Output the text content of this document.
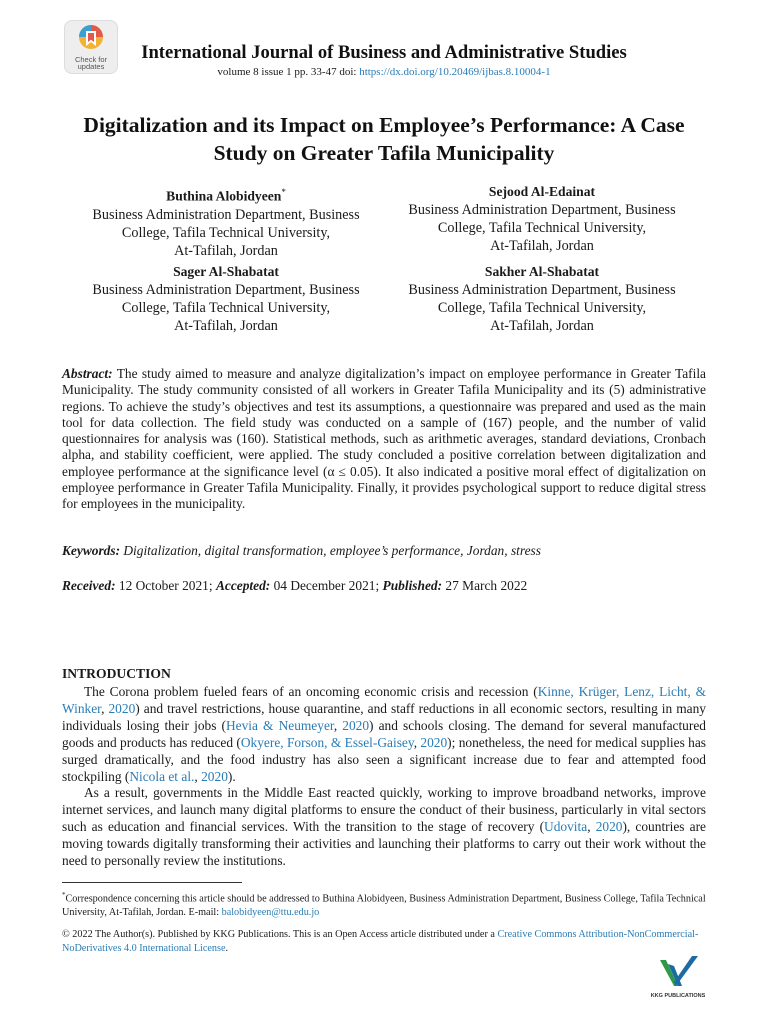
Check for
updates
International Journal of Business and Administrative Studies
volume 8 issue 1 pp. 33-47 doi: https://dx.doi.org/10.20469/ijbas.8.10004-1
Digitalization and its Impact on Employee’s Performance: A Case
Study on Greater Tafila Municipality
Buthina Alobidyeen*
Business Administration Department, Business
College, Tafila Technical University,
At-Tafilah, Jordan
Sejood Al-Edainat
Business Administration Department, Business
College, Tafila Technical University,
At-Tafilah, Jordan
Sager Al-Shabatat
Business Administration Department, Business
College, Tafila Technical University,
At-Tafilah, Jordan
Sakher Al-Shabatat
Business Administration Department, Business
College, Tafila Technical University,
At-Tafilah, Jordan
Abstract: The study aimed to measure and analyze digitalization’s impact on employee performance in Greater Tafila Municipality. The study community consisted of all workers in Greater Tafila Municipality and its (5) administrative regions. To achieve the study’s objectives and test its assumptions, a questionnaire was prepared and used as the main tool for data collection. The field study was conducted on a sample of (167) people, and the number of valid questionnaires for analysis was (160). Statistical methods, such as arithmetic averages, standard deviations, Cronbach alpha, and stability coefficient, were applied. The study concluded a positive correlation between digitalization and employee performance at the significance level (α ≤ 0.05). It also indicated a positive moral effect of digitalization on employee performance in Greater Tafila Municipality. Finally, it provides psychological support to reduce digital stress for employees in the municipality.
Keywords: Digitalization, digital transformation, employee’s performance, Jordan, stress
Received: 12 October 2021; Accepted: 04 December 2021; Published: 27 March 2022
INTRODUCTION

The Corona problem fueled fears of an oncoming economic crisis and recession (Kinne, Krüger, Lenz, Licht, & Winker, 2020) and travel restrictions, house quarantine, and staff reductions in all economic sectors, resulting in many individuals losing their jobs (Hevia & Neumeyer, 2020) and schools closing. The demand for several manufactured goods and products has reduced (Okyere, Forson, & Essel-Gaisey, 2020); nonetheless, the need for medical supplies has surged dramatically, and the food industry has also seen a significant increase due to fear and attempted food stockpiling (Nicola et al., 2020).

As a result, governments in the Middle East reacted quickly, working to improve broadband networks, improve internet services, and launch many digital platforms to ensure the conduct of their business, particularly in vital sectors such as education and financial services. With the transition to the stage of recovery (Udovita, 2020), countries are moving towards digitally transforming their activities and launching their platforms to carry out their work without the need to personally review the institutions.

*Correspondence concerning this article should be addressed to Buthina Alobidyeen, Business Administration Department, Business College, Tafila Technical University, At-Tafilah, Jordan. E-mail: balobidyeen@ttu.edu.jo
© 2022 The Author(s). Published by KKG Publications. This is an Open Access article distributed under a Creative Commons Attribution-NonCommercial-NoDerivatives 4.0 International License.
KKG PUBLICATIONS
